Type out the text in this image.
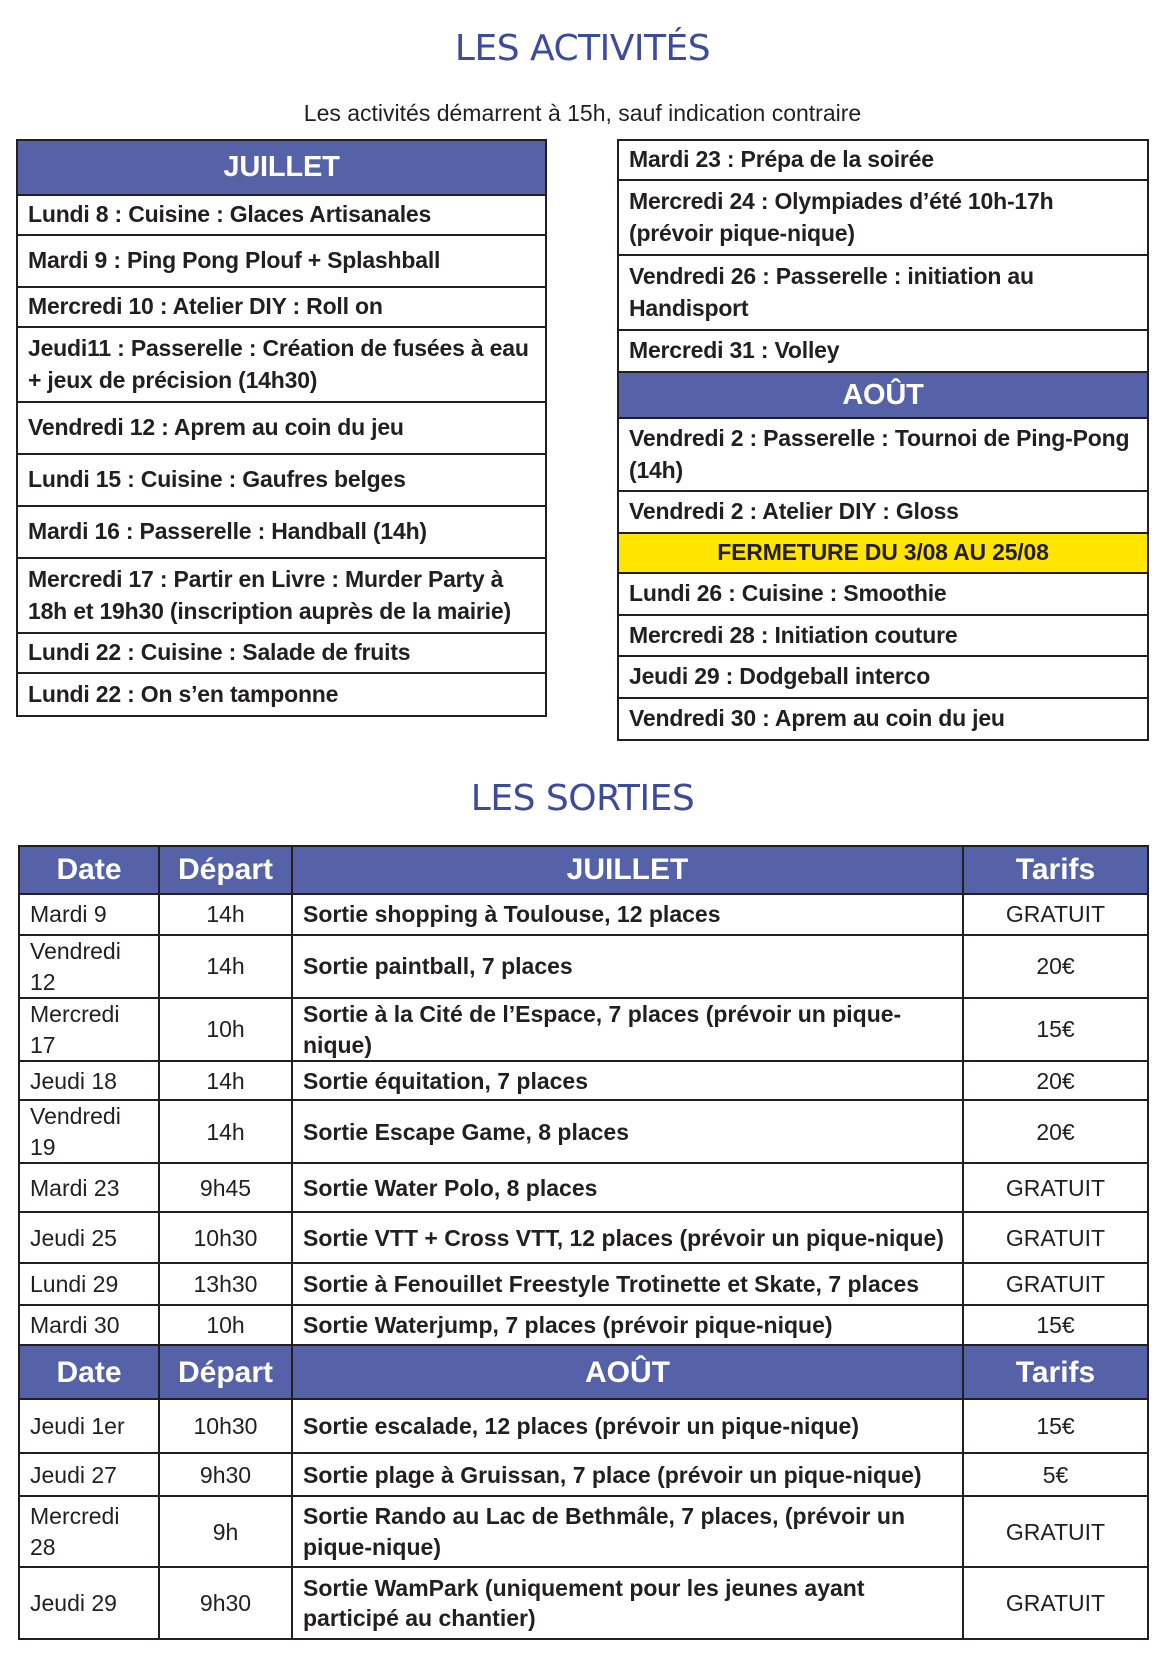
LES ACTIVITÉS
Les activités démarrent à 15h, sauf indication contraire
JUILLET
Lundi 8 : Cuisine : Glaces Artisanales
Mardi 9 : Ping Pong Plouf + Splashball
Mercredi 10 : Atelier DIY : Roll on
Jeudi11 : Passerelle : Création de fusées à eau + jeux de précision (14h30)
Vendredi 12 : Aprem au coin du jeu
Lundi 15 : Cuisine : Gaufres belges
Mardi 16 : Passerelle : Handball (14h)
Mercredi 17 : Partir en Livre : Murder Party à 18h et 19h30 (inscription auprès de la mairie)
Lundi 22 : Cuisine : Salade de fruits
Lundi 22 : On s’en tamponne
Mardi 23 : Prépa de la soirée
Mercredi 24 : Olympiades d’été 10h-17h (prévoir pique-nique)
Vendredi 26 : Passerelle : initiation au Handisport
Mercredi 31 : Volley
AOÛT
Vendredi 2 : Passerelle : Tournoi de Ping-Pong (14h)
Vendredi 2 : Atelier DIY : Gloss
FERMETURE DU 3/08 AU 25/08
Lundi 26 : Cuisine : Smoothie
Mercredi 28 : Initiation couture
Jeudi 29 : Dodgeball interco
Vendredi 30 : Aprem au coin du jeu
LES SORTIES
Date	Départ	JUILLET	Tarifs
Mardi 9	14h	Sortie shopping à Toulouse, 12 places	GRATUIT
Vendredi 12	14h	Sortie paintball, 7 places	20€
Mercredi 17	10h	Sortie à la Cité de l’Espace, 7 places (prévoir un pique-nique)	15€
Jeudi 18	14h	Sortie équitation, 7 places	20€
Vendredi 19	14h	Sortie Escape Game, 8 places	20€
Mardi 23	9h45	Sortie Water Polo, 8 places	GRATUIT
Jeudi 25	10h30	Sortie VTT + Cross VTT, 12 places (prévoir un pique-nique)	GRATUIT
Lundi 29	13h30	Sortie à Fenouillet Freestyle Trotinette et Skate, 7 places	GRATUIT
Mardi 30	10h	Sortie Waterjump, 7 places (prévoir pique-nique)	15€
Date	Départ	AOÛT	Tarifs
Jeudi 1er	10h30	Sortie escalade, 12 places (prévoir un pique-nique)	15€
Jeudi 27	9h30	Sortie plage à Gruissan, 7 place (prévoir un pique-nique)	5€
Mercredi 28	9h	Sortie Rando au Lac de Bethmâle, 7 places, (prévoir un pique-nique)	GRATUIT
Jeudi 29	9h30	Sortie WamPark (uniquement pour les jeunes ayant participé au chantier)	GRATUIT
